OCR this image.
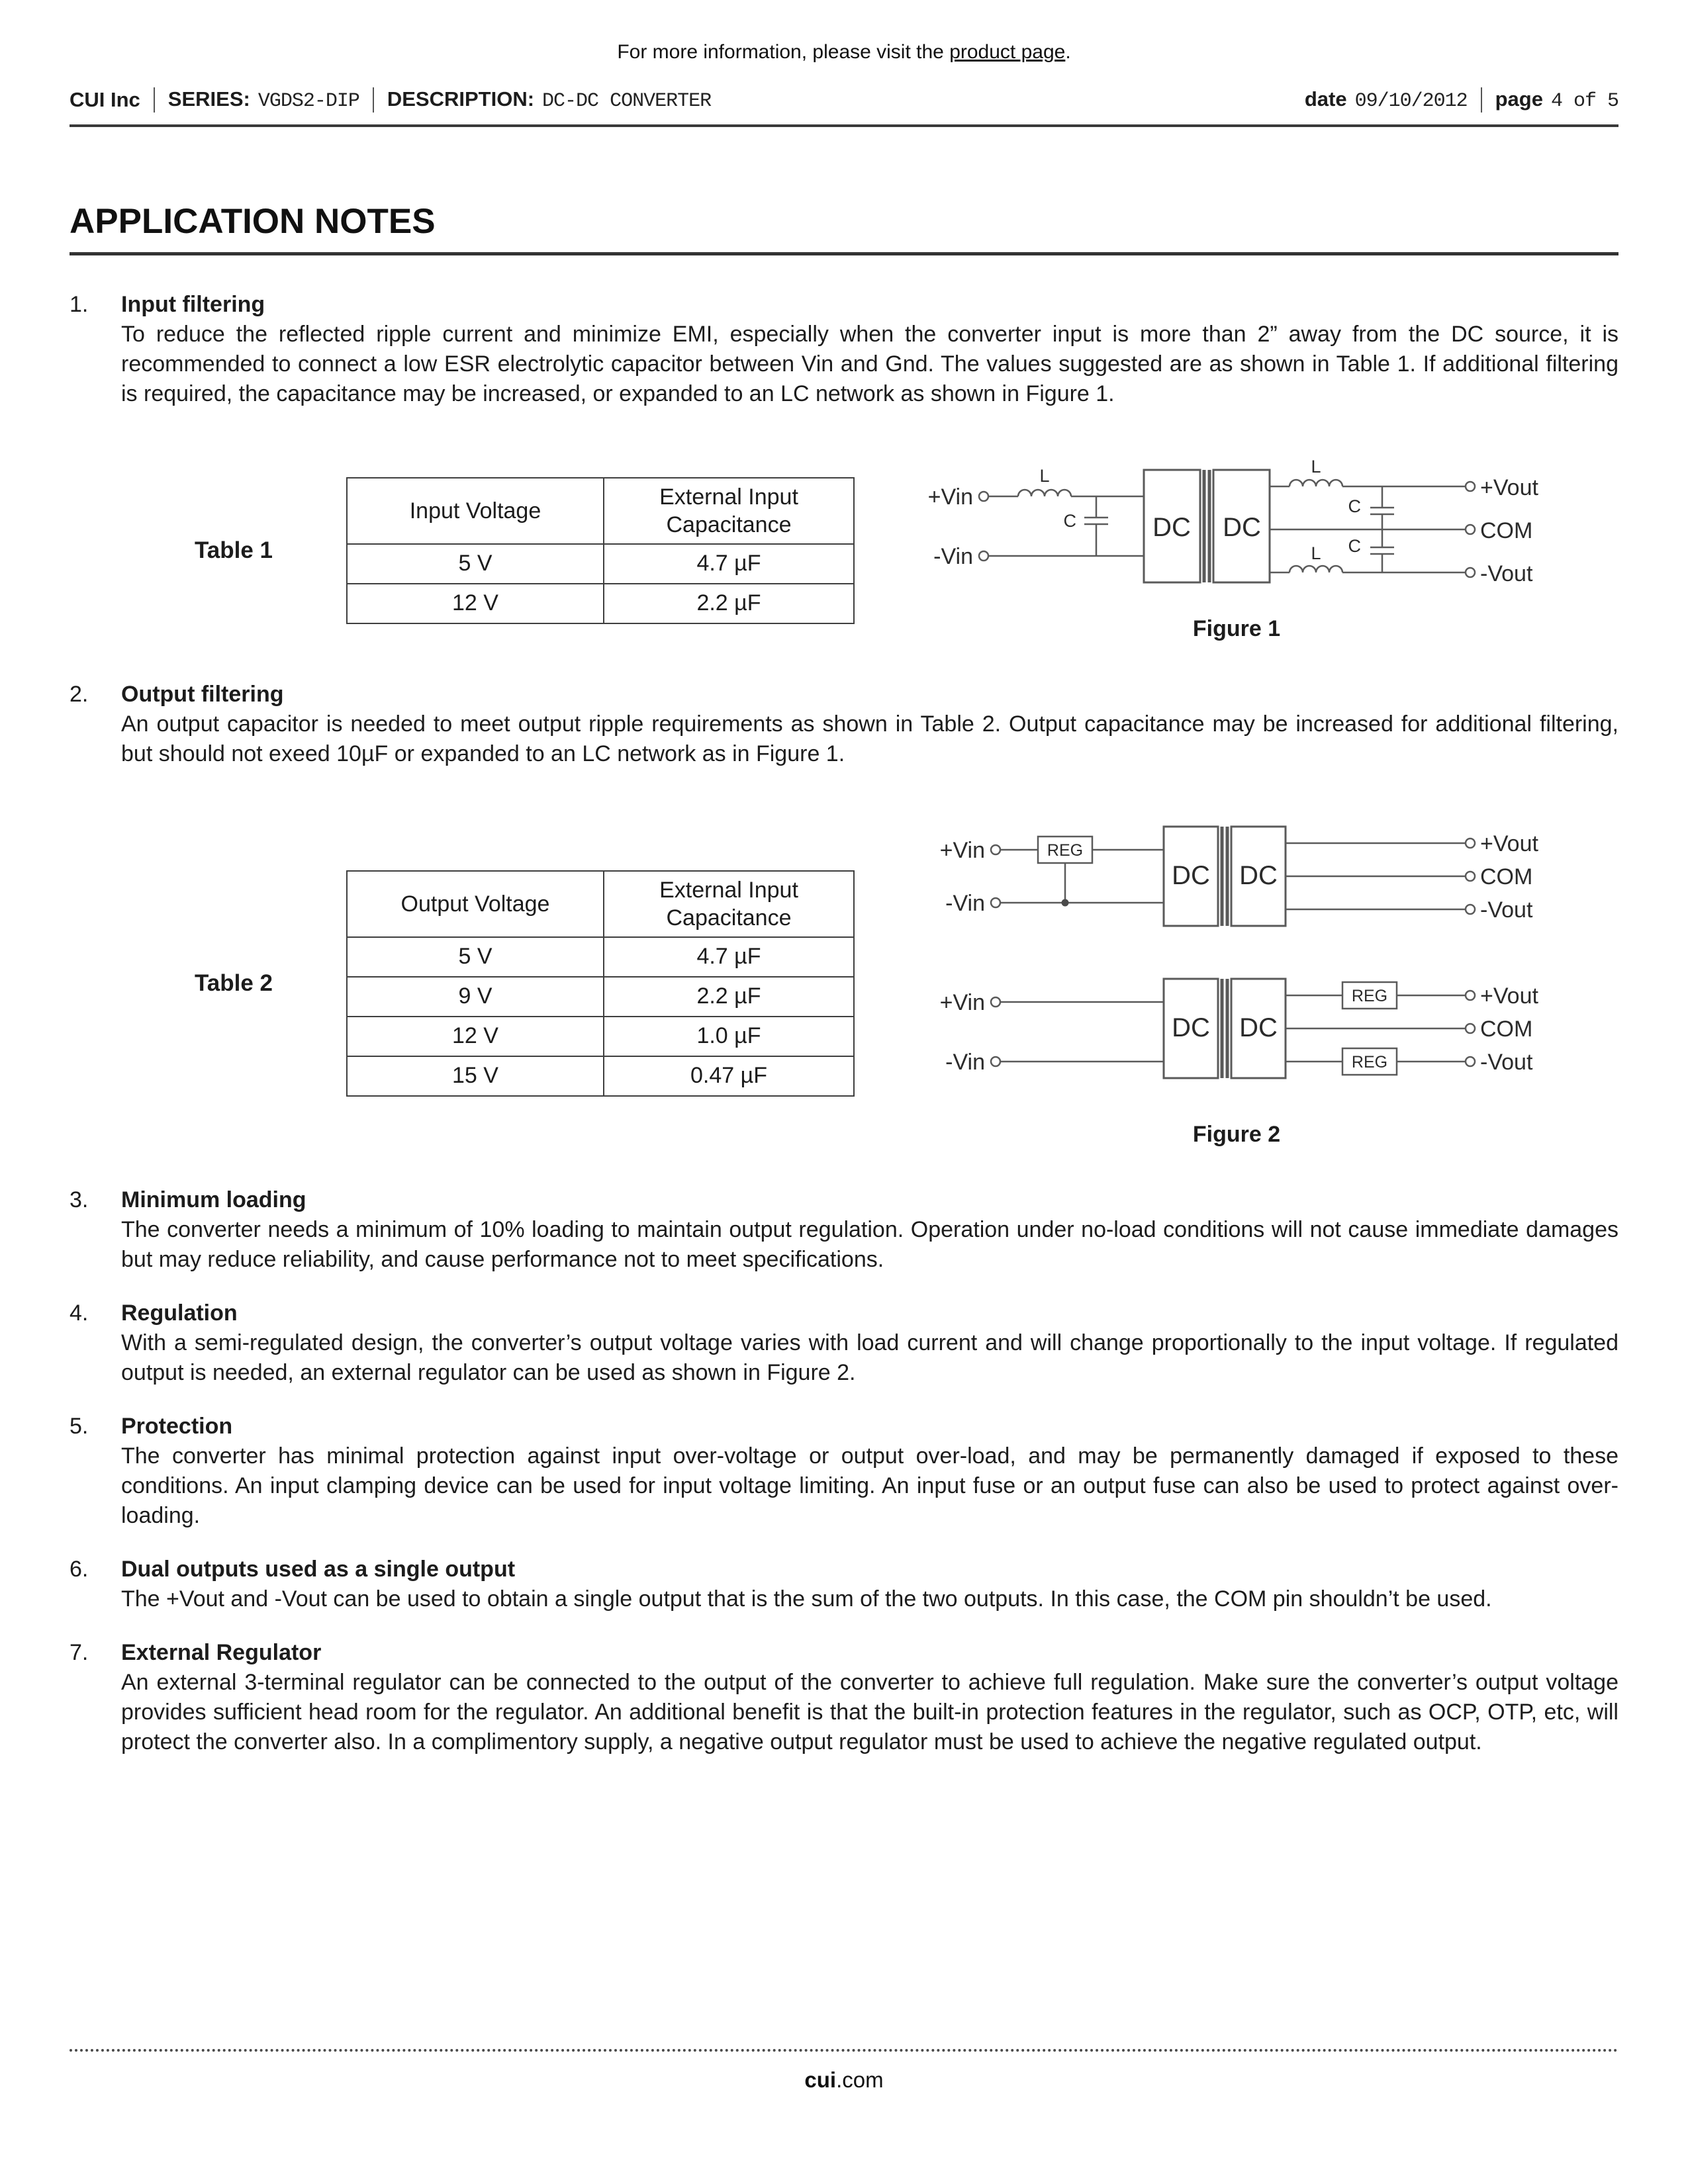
For more information, please visit the product page.
CUI Inc SERIES: VGDS2-DIP DESCRIPTION: DC-DC CONVERTER	date 09/10/2012 page 4 of 5
APPLICATION NOTES
1.	Input filtering
To reduce the reflected ripple current and minimize EMI, especially when the converter input is more than 2” away from the DC source, it is recommended to connect a low ESR electrolytic capacitor between Vin and Gnd. The values suggested are as shown in Table 1. If additional filtering is required, the capacitance may be increased, or expanded to an LC network as shown in Figure 1.
Table 1
Input Voltage	External Input Capacitance
5 V	4.7 µF
12 V	2.2 µF
+Vin
-Vin
L
C	DC DC
L
C
L C
+Vout
COM
-Vout
Figure 1
2.	Output filtering
An output capacitor is needed to meet output ripple requirements as shown in Table 2. Output capacitance may be increased for additional filtering, but should not exeed 10µF or expanded to an LC network as in Figure 1.
Table 2
Output Voltage	External Input Capacitance
5 V	4.7 µF
9 V	2.2 µF
12 V	1.0 µF
15 V	0.47 µF
+Vin
-Vin
REG
DC DC
+Vout
COM
-Vout
+Vin
-Vin
DC DC
REG
REG
+Vout
COM
-Vout
Figure 2
3.	Minimum loading
The converter needs a minimum of 10% loading to maintain output regulation. Operation under no-load conditions will not cause immediate damages but may reduce reliability, and cause performance not to meet specifications.
4.	Regulation
With a semi-regulated design, the converter’s output voltage varies with load current and will change proportionally to the input voltage. If regulated output is needed, an external regulator can be used as shown in Figure 2.
5.	Protection
The converter has minimal protection against input over-voltage or output over-load, and may be permanently damaged if exposed to these conditions. An input clamping device can be used for input voltage limiting. An input fuse or an output fuse can also be used to protect against over-loading.
6.	Dual outputs used as a single output
The +Vout and -Vout can be used to obtain a single output that is the sum of the two outputs. In this case, the COM pin shouldn’t be used.
7.	External Regulator
An external 3-terminal regulator can be connected to the output of the converter to achieve full regulation. Make sure the converter’s output voltage provides sufficient head room for the regulator. An additional benefit is that the built-in protection features in the regulator, such as OCP, OTP, etc, will protect the converter also. In a complimentory supply, a negative output regulator must be used to achieve the negative regulated output.
cui.com
